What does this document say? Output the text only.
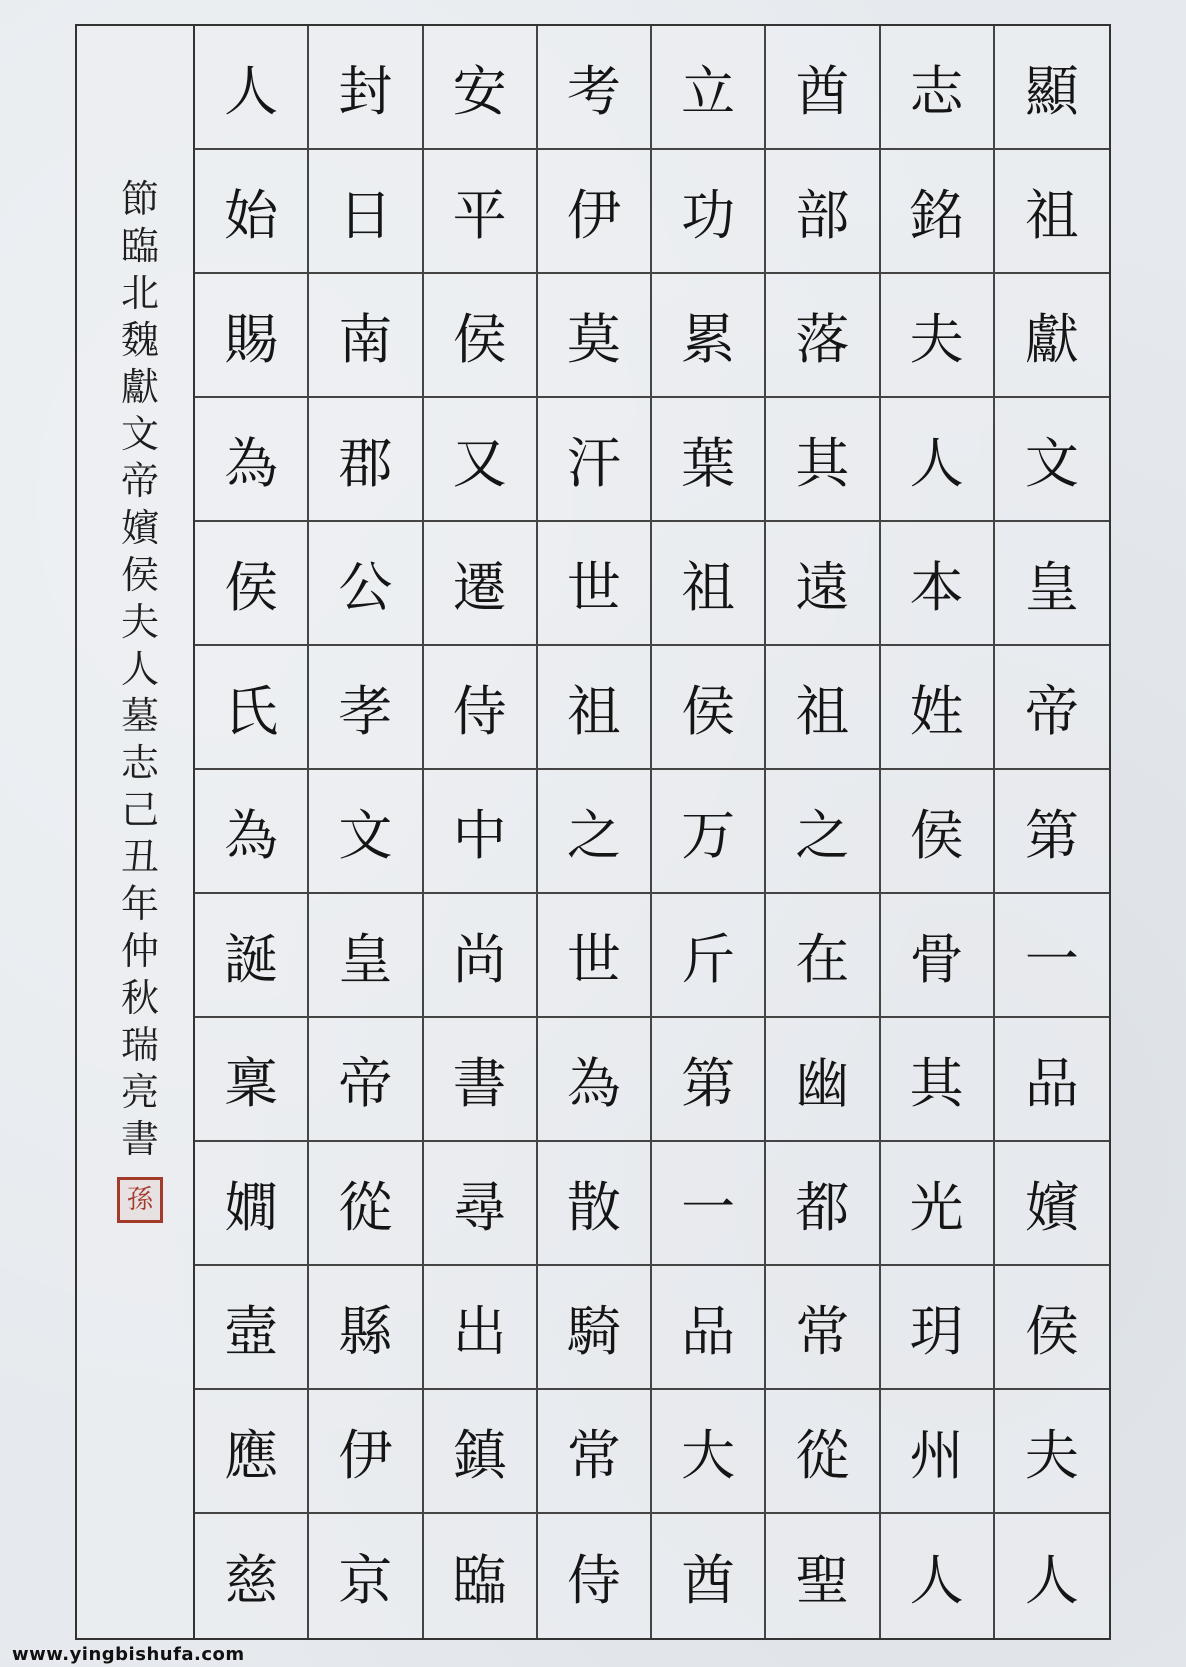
節
臨
北
魏
獻
文
帝
嬪
侯
夫
人
墓
志
己
丑
年
仲
秋
瑞
亮
書
孫
人	封	安	考	立	酋	志	顯
始	日	平	伊	功	部	銘	祖
賜	南	侯	莫	累	落	夫	獻
為	郡	又	汗	葉	其	人	文
侯	公	遷	世	祖	遠	本	皇
氏	孝	侍	祖	侯	祖	姓	帝
為	文	中	之	万	之	侯	第
誕	皇	尚	世	斤	在	骨	一
稟	帝	書	為	第	幽	其	品
嫺	從	尋	散	一	都	光	嬪
壼	縣	出	騎	品	常	玥	侯
應	伊	鎮	常	大	從	州	夫
慈	京	臨	侍	酋	聖	人	人
www.yingbishufa.com
